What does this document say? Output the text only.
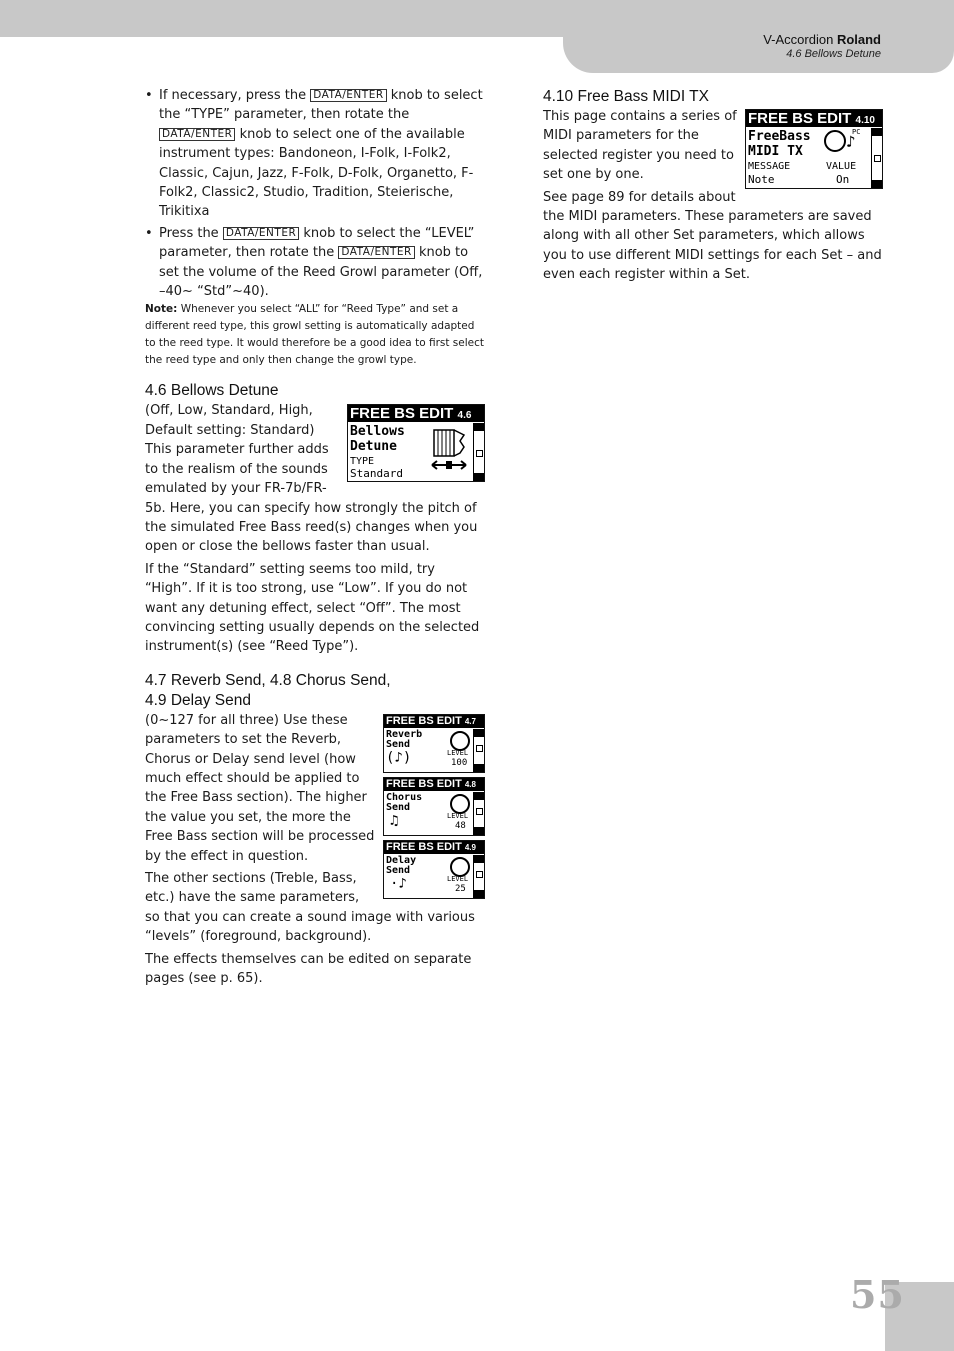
V-Accordion Roland
4.6 Bellows Detune
• If necessary, press the DATA/ENTER knob to select the “TYPE” parameter, then rotate the DATA/ENTER knob to select one of the available instrument types: Bandoneon, I-Folk, I-Folk2, Classic, Cajun, Jazz, F-Folk, D-Folk, Organetto, F-Folk2, Classic2, Studio, Tradition, Steierische, Trikitixa
• Press the DATA/ENTER knob to select the “LEVEL” parameter, then rotate the DATA/ENTER knob to set the volume of the Reed Growl parameter (Off, –40~ “Std”~40).

Note: Whenever you select “ALL” for “Reed Type” and set a different reed type, this growl setting is automatically adapted to the reed type. It would therefore be a good idea to first select the reed type and only then change the growl type.

4.6 Bellows Detune
FREE BS EDIT 4.6
Bellows
Detune
TYPE
Standard

(Off, Low, Standard, High, Default setting: Standard) This parameter further adds to the realism of the sounds emulated by your FR-7b/FR-5b. Here, you can specify how strongly the pitch of the simulated Free Bass reed(s) changes when you open or close the bellows faster than usual.

If the “Standard” setting seems too mild, try “High”. If it is too strong, use “Low”. If you do not want any detuning effect, select “Off”. The most convincing setting usually depends on the selected instrument(s) (see “Reed Type”).

4.7 Reverb Send, 4.8 Chorus Send,
4.9 Delay Send
FREE BS EDIT 4.7
Reverb
Send
(♪)	LEVEL
100
FREE BS EDIT 4.8
Chorus
Send
♫	LEVEL
48
FREE BS EDIT 4.9
Delay
Send
·♪	LEVEL
25

(0~127 for all three) Use these parameters to set the Reverb, Chorus or Delay send level (how much effect should be applied to the Free Bass section). The higher the value you set, the more the Free Bass section will be processed by the effect in question.

The other sections (Treble, Bass, etc.) have the same parameters, so that you can create a sound image with various “levels” (foreground, background).

The effects themselves can be edited on separate pages (see p. 65).

4.10 Free Bass MIDI TX
FREE BS EDIT 4.10
FreeBass
MIDI TX
PC
♪
MESSAGE
Note
VALUE
On

This page contains a series of MIDI parameters for the selected register you need to set one by one.

See page 89 for details about the MIDI parameters. These parameters are saved along with all other Set parameters, which allows you to use different MIDI settings for each Set – and even each register within a Set.

55
